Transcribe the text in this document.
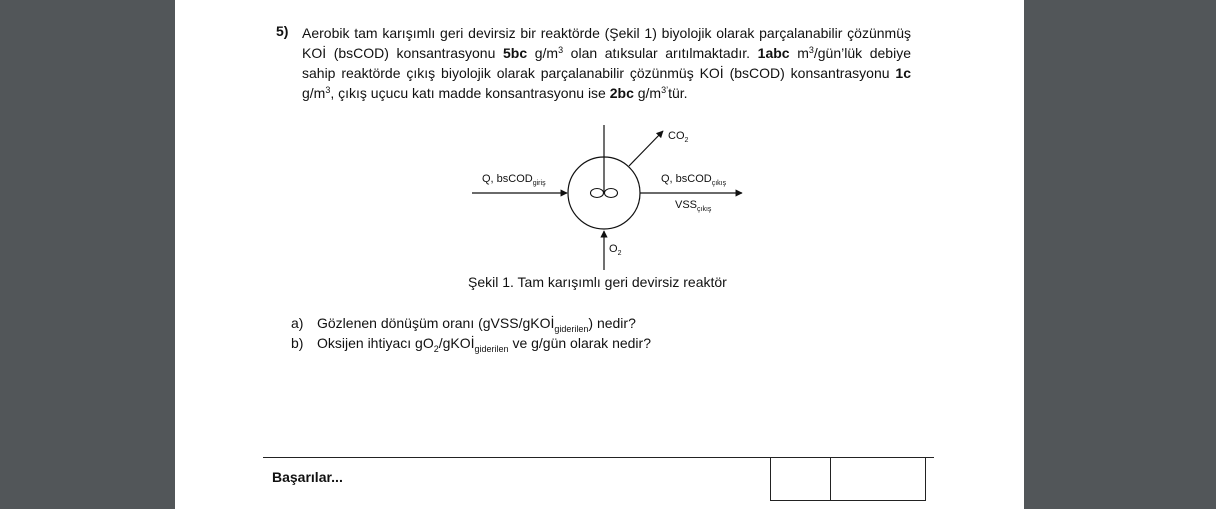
5) Aerobik tam karışımlı geri devirsiz bir reaktörde (Şekil 1) biyolojik olarak parçalanabilir çözünmüş KOİ (bsCOD) konsantrasyonu 5bc $g/m^3$ olan atıksular arıtılmaktadır. 1abc $m^3/gün’lük$ debiye sahip reaktörde çıkış biyolojik olarak parçalanabilir çözünmüş KOİ (bsCOD) konsantrasyonu 1c $g/m^3$, çıkış uçucu katı madde konsantrasyonu ise 2bc $g/m^{3’}tür$.
Q, bsCOD$_{giriş}$	Q, bsCOD$_{çıkış}$
$VSS_{çıkış}$
$CO_2$
$O_2$
Şekil 1. Tam karışımlı geri devirsiz reaktör
a) Gözlenen dönüşüm oranı (gVSS/gKOİ$_{giderilen}$) nedir?
b) Oksijen ihtiyacı $gO_2/gKOİ_{giderilen}$ ve g/gün olarak nedir?
Başarılar...
